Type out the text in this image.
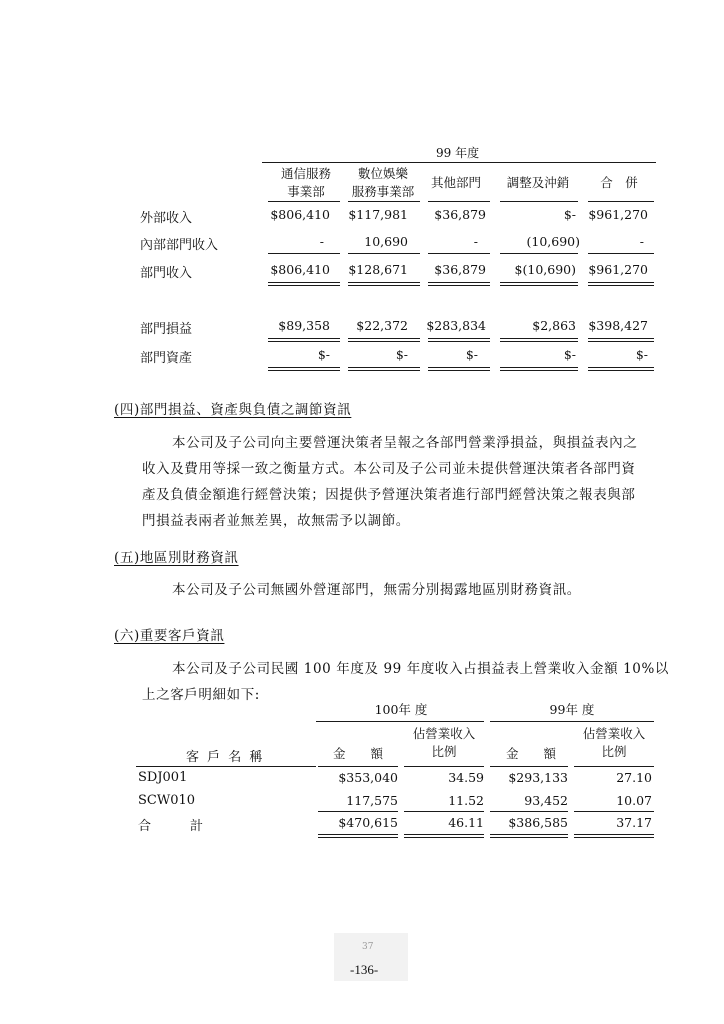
99 年度
通信服務
事業部
數位娛樂
服務事業部
其他部門	調整及沖銷	合　併
外部收入	$806,410 $117,981 $36,879	$- $961,270
內部部門收入	-	10,690	-	(10,690)	-
部門收入	$806,410 $128,671 $36,879 $(10,690) $961,270
部門損益	$89,358 $22,372 $283,834	$2,863 $398,427
部門資產	$-	$-	$-	$-	$-
(四)部門損益、資產與負債之調節資訊
本公司及子公司向主要營運決策者呈報之各部門營業淨損益，與損益表內之
收入及費用等採一致之衡量方式。本公司及子公司並未提供營運決策者各部門資
產及負債金額進行經營決策；因提供予營運決策者進行部門經營決策之報表與部
門損益表兩者並無差異，故無需予以調節。
(五)地區別財務資訊
本公司及子公司無國外營運部門，無需分別揭露地區別財務資訊。
(六)重要客戶資訊
本公司及子公司民國 100 年度及 99 年度收入占損益表上營業收入金額 10%以
上之客戶明細如下:
100年 度	99年 度
佔營業收入
比例
佔營業收入
比例
金　　額	金　　額
客 戶 名 稱
SDJ001	$353,040	34.59 $293,133	27.10
SCW010	117,575	11.52	93,452	10.07
合　　　計	$470,615	46.11 $386,585	37.17
37
-136-
